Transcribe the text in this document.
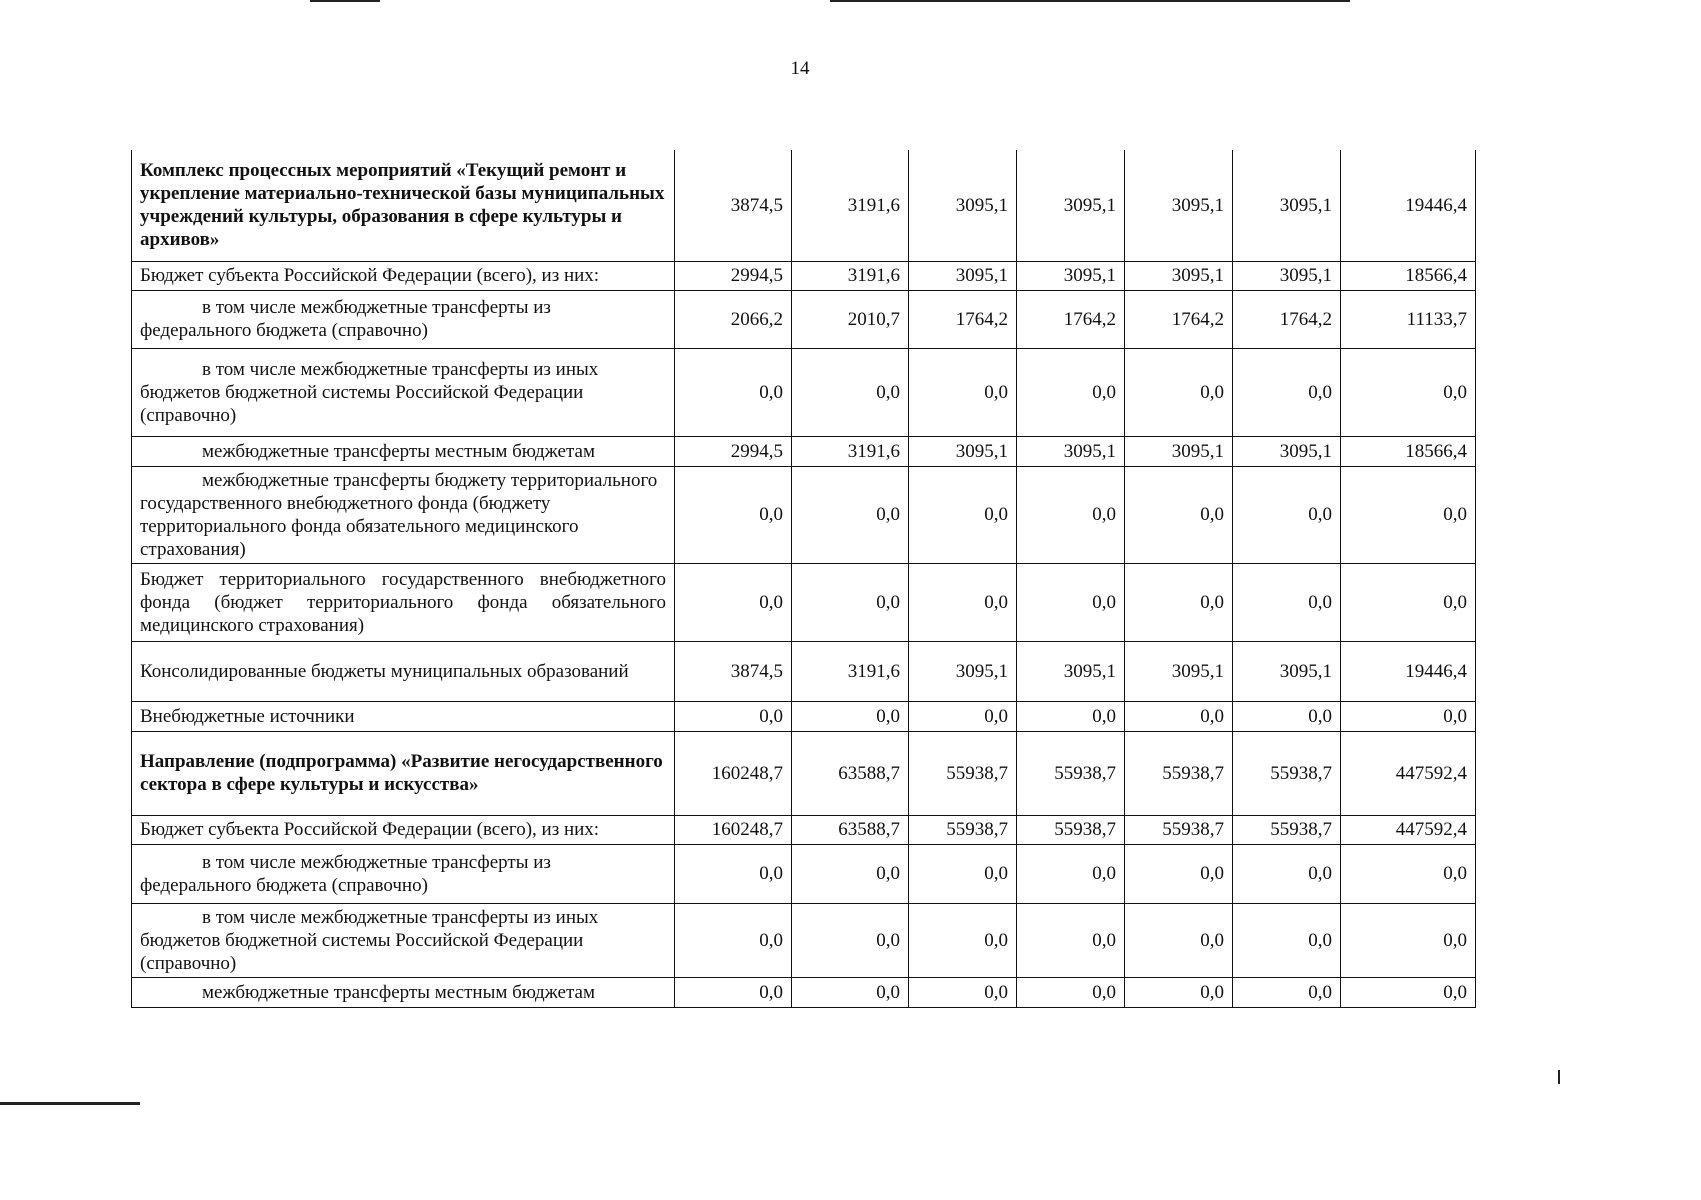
14
Комплекс процессных мероприятий «Текущий ремонт и укрепление материально-технической базы муниципальных учреждений культуры, образования в сфере культуры и архивов»	3874,5	3191,6	3095,1	3095,1	3095,1	3095,1	19446,4
Бюджет субъекта Российской Федерации (всего), из них:	2994,5	3191,6	3095,1	3095,1	3095,1	3095,1	18566,4
в том числе межбюджетные трансферты из федерального бюджета (справочно)	2066,2	2010,7	1764,2	1764,2	1764,2	1764,2	11133,7
в том числе межбюджетные трансферты из иных бюджетов бюджетной системы Российской Федерации (справочно)	0,0	0,0	0,0	0,0	0,0	0,0	0,0
межбюджетные трансферты местным бюджетам	2994,5	3191,6	3095,1	3095,1	3095,1	3095,1	18566,4
межбюджетные трансферты бюджету территориального государственного внебюджетного фонда (бюджету территориального фонда обязательного медицинского страхования)	0,0	0,0	0,0	0,0	0,0	0,0	0,0
Бюджет территориального государственного внебюджетного фонда (бюджет территориального фонда обязательного медицинского страхования)	0,0	0,0	0,0	0,0	0,0	0,0	0,0
Консолидированные бюджеты муниципальных образований	3874,5	3191,6	3095,1	3095,1	3095,1	3095,1	19446,4
Внебюджетные источники	0,0	0,0	0,0	0,0	0,0	0,0	0,0
Направление (подпрограмма) «Развитие негосударственного сектора в сфере культуры и искусства»	160248,7	63588,7	55938,7	55938,7	55938,7	55938,7	447592,4
Бюджет субъекта Российской Федерации (всего), из них:	160248,7	63588,7	55938,7	55938,7	55938,7	55938,7	447592,4
в том числе межбюджетные трансферты из федерального бюджета (справочно)	0,0	0,0	0,0	0,0	0,0	0,0	0,0
в том числе межбюджетные трансферты из иных бюджетов бюджетной системы Российской Федерации (справочно)	0,0	0,0	0,0	0,0	0,0	0,0	0,0
межбюджетные трансферты местным бюджетам	0,0	0,0	0,0	0,0	0,0	0,0	0,0
